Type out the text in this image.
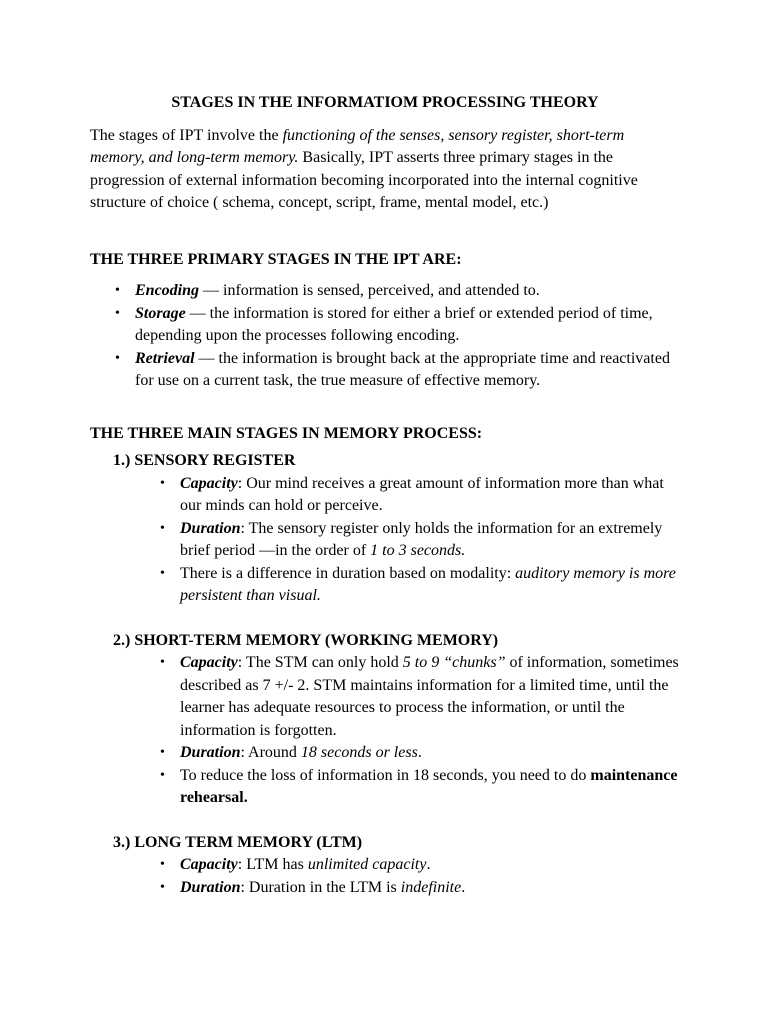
STAGES IN THE INFORMATIOM PROCESSING THEORY

The stages of IPT involve the functioning of the senses, sensory register, short-term memory, and long-term memory. Basically, IPT asserts three primary stages in the progression of external information becoming incorporated into the internal cognitive structure of choice ( schema, concept, script, frame, mental model, etc.)

THE THREE PRIMARY STAGES IN THE IPT ARE:

• Encoding — information is sensed, perceived, and attended to.
• Storage — the information is stored for either a brief or extended period of time, depending upon the processes following encoding.
• Retrieval — the information is brought back at the appropriate time and reactivated for use on a current task, the true measure of effective memory.

THE THREE MAIN STAGES IN MEMORY PROCESS:

1.) SENSORY REGISTER

• Capacity: Our mind receives a great amount of information more than what our minds can hold or perceive.
• Duration: The sensory register only holds the information for an extremely brief period —in the order of 1 to 3 seconds.
• There is a difference in duration based on modality: auditory memory is more persistent than visual.

2.) SHORT-TERM MEMORY (WORKING MEMORY)

• Capacity: The STM can only hold 5 to 9 “chunks” of information, sometimes described as 7 +/- 2. STM maintains information for a limited time, until the learner has adequate resources to process the information, or until the information is forgotten.
• Duration: Around 18 seconds or less.
• To reduce the loss of information in 18 seconds, you need to do maintenance rehearsal.

3.) LONG TERM MEMORY (LTM)

• Capacity: LTM has unlimited capacity.
• Duration: Duration in the LTM is indefinite.
